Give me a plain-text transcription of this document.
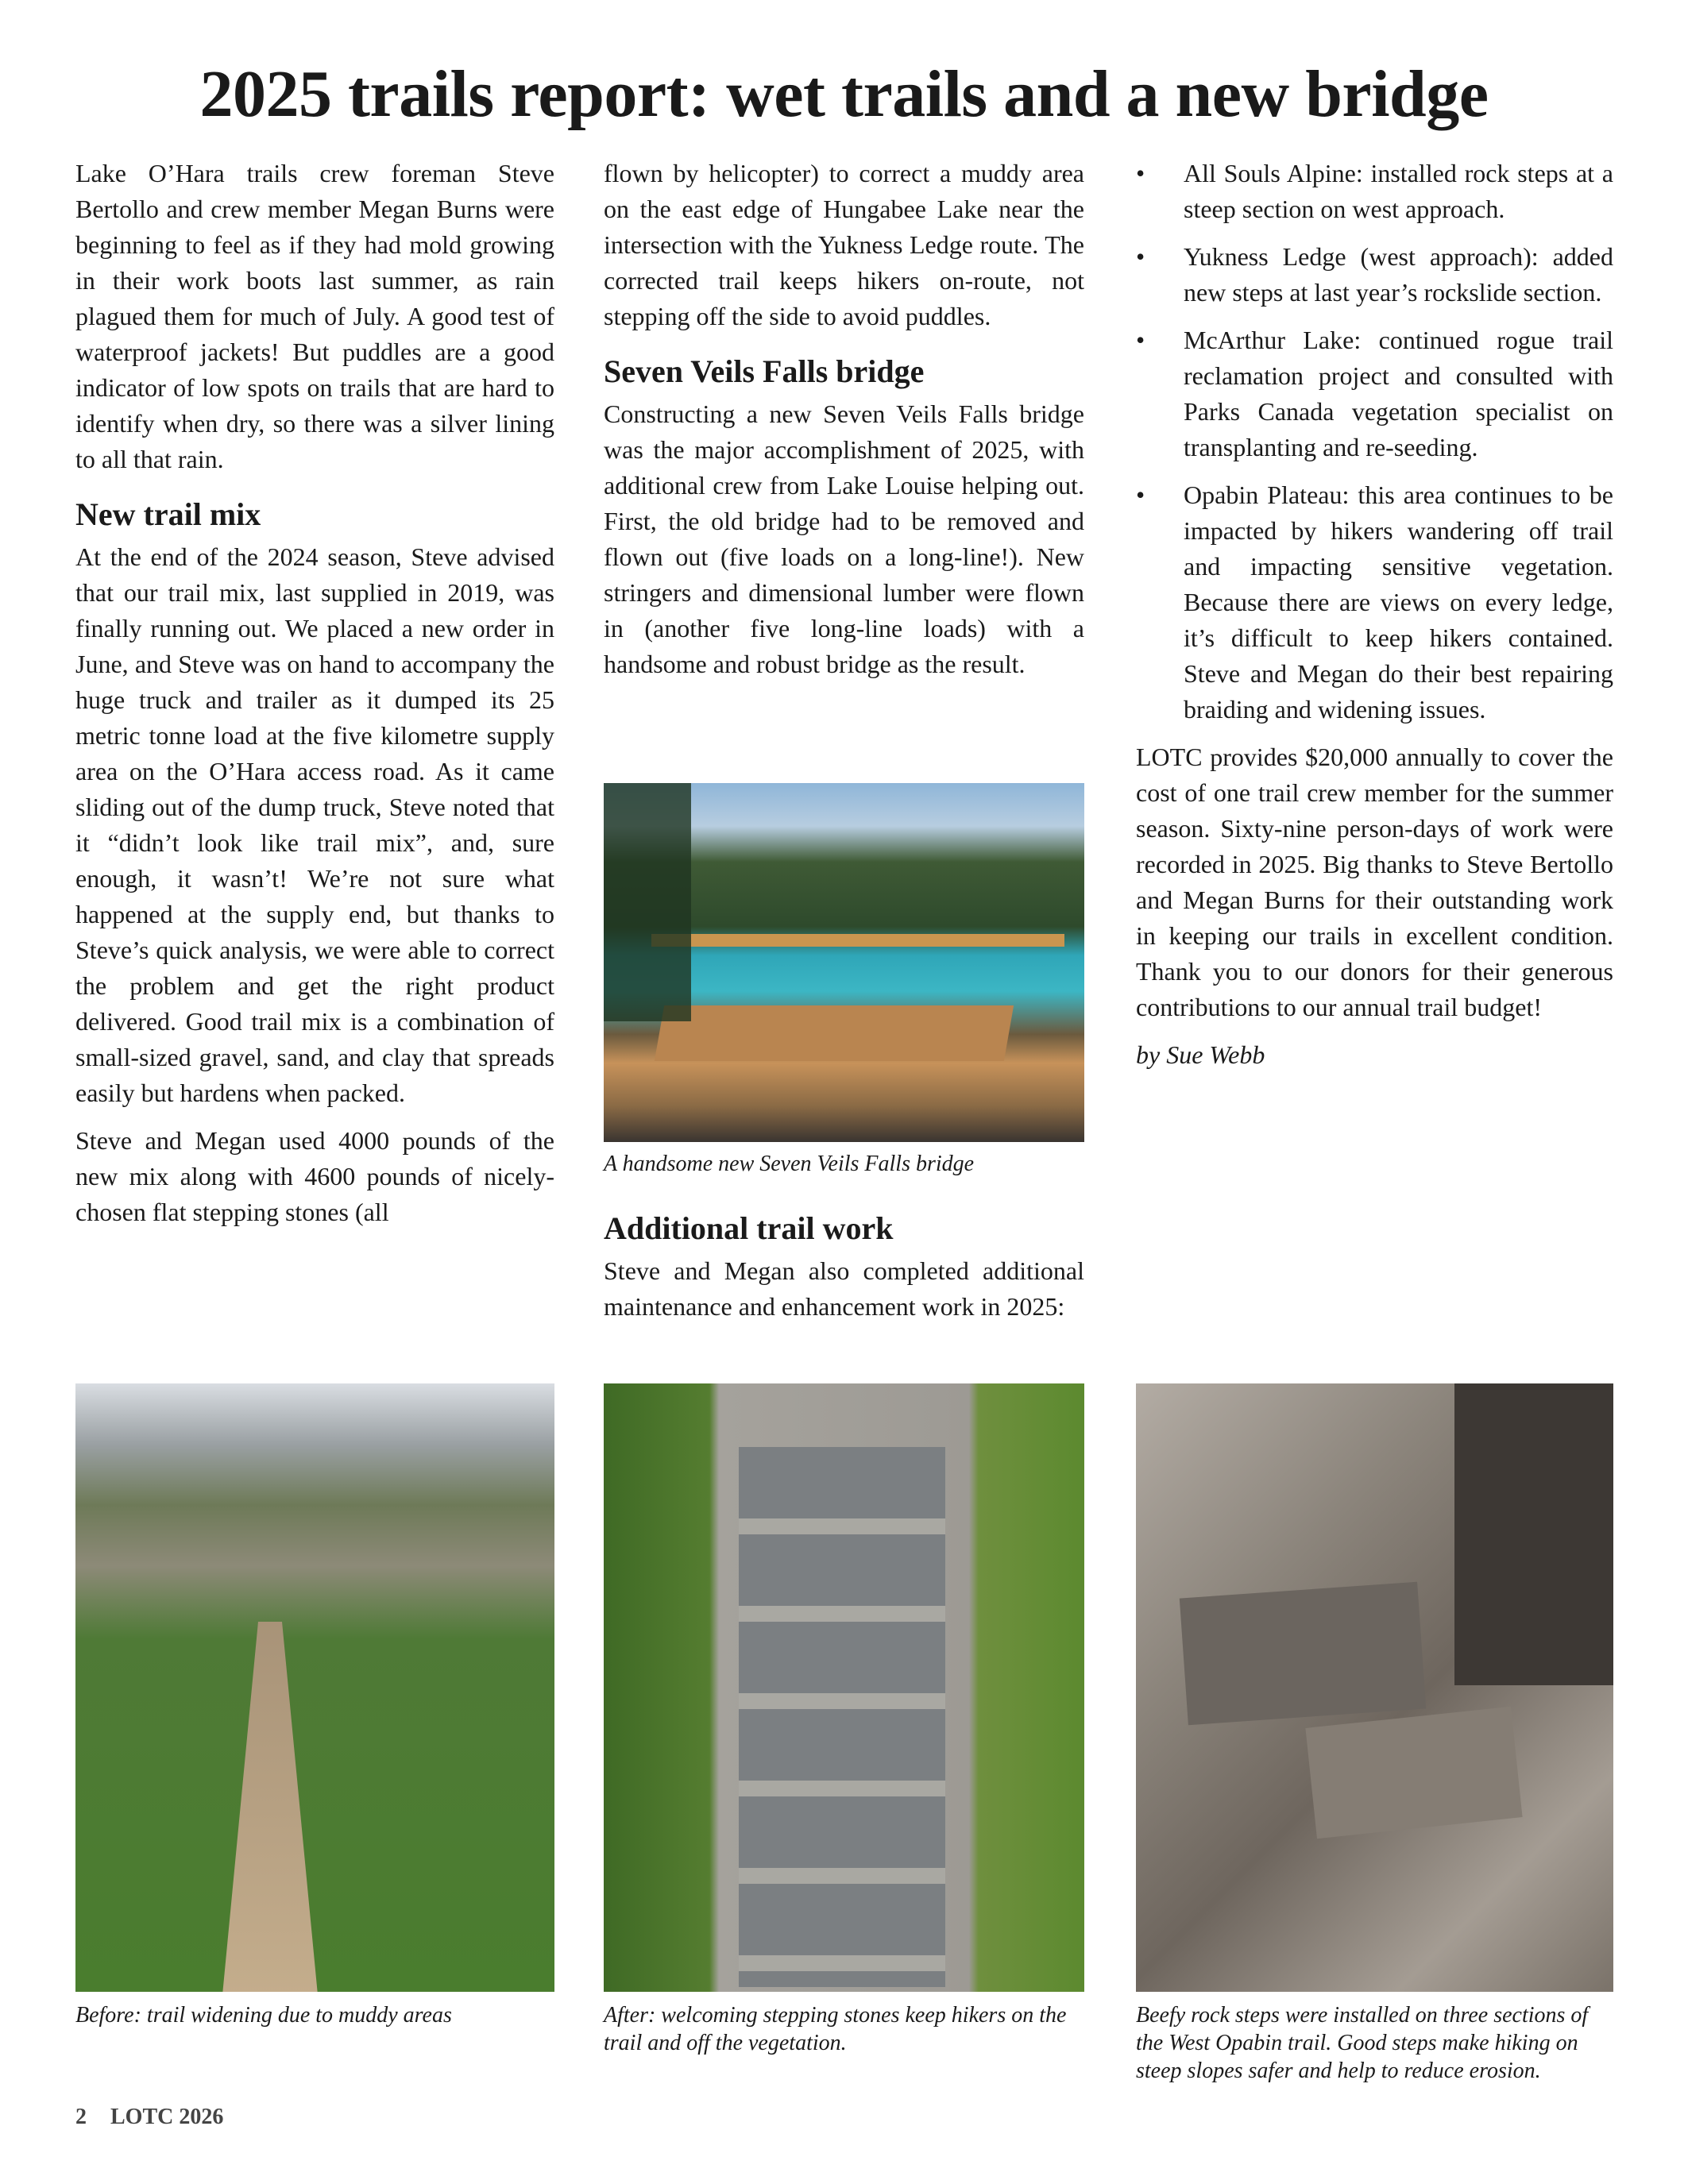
2025 trails report: wet trails and a new bridge

Lake O’Hara trails crew foreman Steve Bertollo and crew member Megan Burns were beginning to feel as if they had mold growing in their work boots last summer, as rain plagued them for much of July. A good test of waterproof jackets! But puddles are a good indicator of low spots on trails that are hard to identify when dry, so there was a silver lining to all that rain.

New trail mix

At the end of the 2024 season, Steve advised that our trail mix, last supplied in 2019, was finally running out. We placed a new order in June, and Steve was on hand to accompany the huge truck and trailer as it dumped its 25 metric tonne load at the five kilometre supply area on the O’Hara access road. As it came sliding out of the dump truck, Steve noted that it “didn’t look like trail mix”, and, sure enough, it wasn’t! We’re not sure what happened at the supply end, but thanks to Steve’s quick analysis, we were able to correct the problem and get the right product delivered. Good trail mix is a combination of small-sized gravel, sand, and clay that spreads easily but hardens when packed.

Steve and Megan used 4000 pounds of the new mix along with 4600 pounds of nicely-chosen flat stepping stones (all

flown by helicopter) to correct a muddy area on the east edge of Hungabee Lake near the intersection with the Yukness Ledge route. The corrected trail keeps hikers on-route, not stepping off the side to avoid puddles.

Seven Veils Falls bridge

Constructing a new Seven Veils Falls bridge was the major accomplishment of 2025, with additional crew from Lake Louise helping out. First, the old bridge had to be removed and flown out (five loads on a long-line!). New stringers and dimensional lumber were flown in (another five long-line loads) with a handsome and robust bridge as the result.

A handsome new Seven Veils Falls bridge
Additional trail work

Steve and Megan also completed additional maintenance and enhancement work in 2025:

• All Souls Alpine: installed rock steps at a steep section on west approach.
• Yukness Ledge (west approach): added new steps at last year’s rockslide section.
• McArthur Lake: continued rogue trail reclamation project and consulted with Parks Canada vegetation specialist on transplanting and re-seeding.
• Opabin Plateau: this area continues to be impacted by hikers wandering off trail and impacting sensitive vegetation. Because there are views on every ledge, it’s difficult to keep hikers contained. Steve and Megan do their best repairing braiding and widening issues.

LOTC provides $20,000 annually to cover the cost of one trail crew member for the summer season. Sixty-nine person-days of work were recorded in 2025. Big thanks to Steve Bertollo and Megan Burns for their outstanding work in keeping our trails in excellent condition. Thank you to our donors for their generous contributions to our annual trail budget!

by Sue Webb

Before: trail widening due to muddy areas	After: welcoming stepping stones keep hikers on the trail and off the vegetation.
Beefy rock steps were installed on three sections of the West Opabin trail. Good steps make hiking on steep slopes safer and help to reduce erosion.
2 LOTC 2026
